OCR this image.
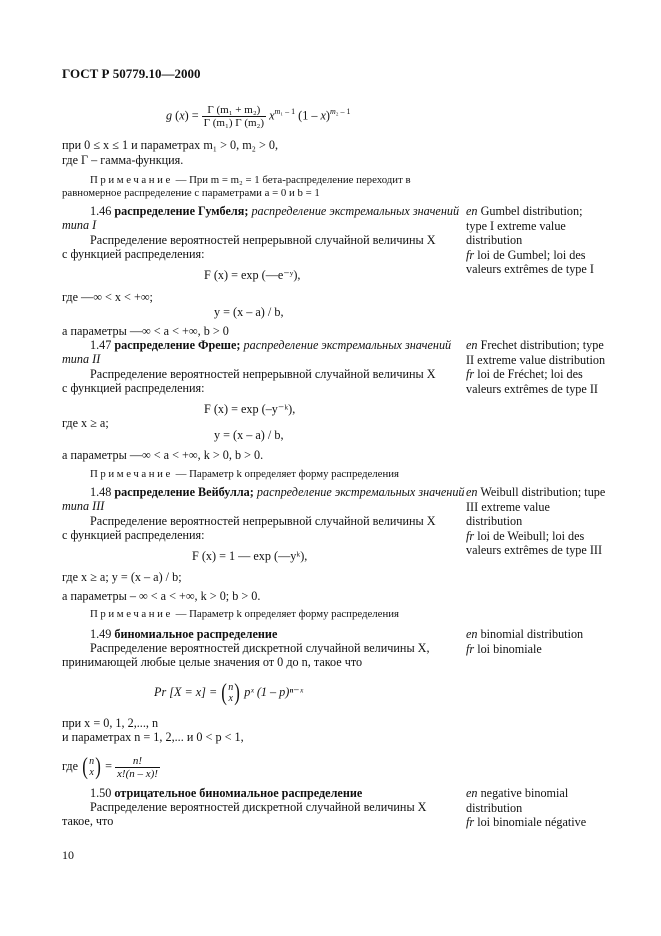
ГОСТ Р 50779.10—2000
g $(x) = \frac{\text{Γ (m₁ + m₂)}}{\text{Γ (m₁) Γ (m₂)}} x^{m_1 - 1}$ (1 – x)$^{m_2 - 1}$
при 0 ≤ x ≤ 1 и параметрах m₁ > 0, m₂ > 0,
где Γ – гамма-функция.
Примечание — При m = m₂ = 1 бета-распределение переходит в
равномерное распределение с параметрами a = 0 и b = 1
1.46 распределение Гумбеля; распределение экстремальных значений
типа I
Распределение вероятностей непрерывной случайной величины X
с функцией распределения:
F (x) = exp (—e⁻ʸ),
где —∞ < x < +∞;
y = (x – a) / b,
а параметры —∞ < a < +∞, b > 0
en Gumbel distribution; type I extreme value distribution
fr loi de Gumbel; loi des valeurs extrêmes de type I
1.47 распределение Фреше; распределение экстремальных значений
типа II
Распределение вероятностей непрерывной случайной величины X
с функцией распределения:
F (x) = exp (–y⁻ᵏ),
где x ≥ a;
y = (x – a) / b,
а параметры —∞ < a < +∞, k > 0, b > 0.
Примечание — Параметр k определяет форму распределения
en Frechet distribution; type II extreme value distribution
fr loi de Fréchet; loi des valeurs extrêmes de type II
1.48 распределение Вейбулла; распределение экстремальных значений
типа III
Распределение вероятностей непрерывной случайной величины X
с функцией распределения:
F (x) = 1 — exp (—yᵏ),
где x ≥ a; y = (x – a) / b;
а параметры – ∞ < a < +∞, k > 0; b > 0.
Примечание — Параметр k определяет форму распределения
en Weibull distribution; tupe III extreme value distribution
fr loi de Weibull; loi des valeurs extrêmes de type III
1.49 биномиальное распределение
Распределение вероятностей дискретной случайной величины X,
принимающей любые целые значения от 0 до n, такое что
Pr [X = x] = (n
x) pˣ (1 – p)ⁿ⁻ˣ
при x = 0, 1, 2,..., n
и параметрах n = 1, 2,... и 0 < p < 1,
где (n
$x) = \frac{n!}{x!(n - x)!}$
en binomial distribution
fr loi binomiale
1.50 отрицательное биномиальное распределение
Распределение вероятностей дискретной случайной величины X
такое, что
en negative binomial distribution
fr loi binomiale négative
10
